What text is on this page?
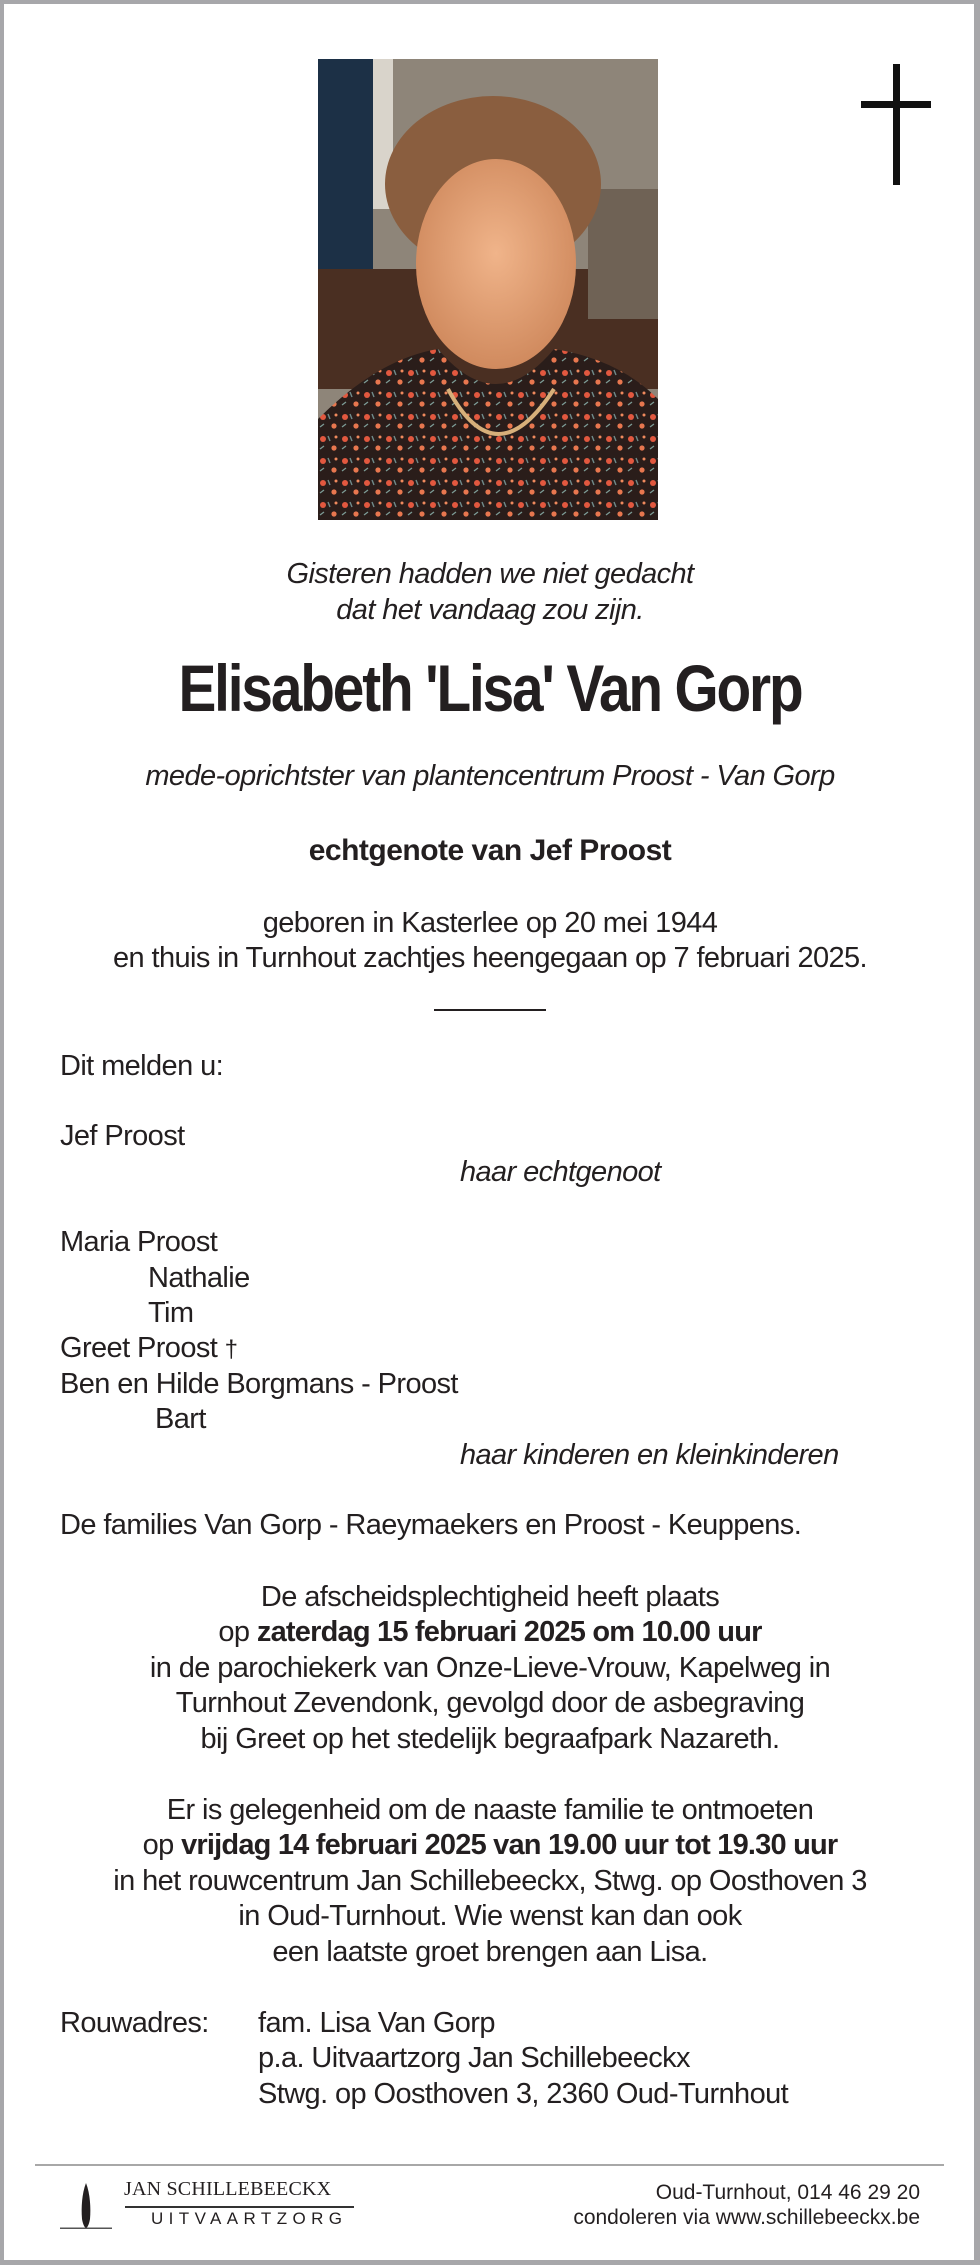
Gisteren hadden we niet gedacht
dat het vandaag zou zijn.
Elisabeth 'Lisa' Van Gorp
mede-oprichtster van plantencentrum Proost - Van Gorp
echtgenote van Jef Proost
geboren in Kasterlee op 20 mei 1944
en thuis in Turnhout zachtjes heengegaan op 7 februari 2025.
Dit melden u:
Jef Proost
haar echtgenoot
Maria Proost
Nathalie
Tim
Greet Proost †
Ben en Hilde Borgmans - Proost
Bart
haar kinderen en kleinkinderen
De families Van Gorp - Raeymaekers en Proost - Keuppens.
De afscheidsplechtigheid heeft plaats
op zaterdag 15 februari 2025 om 10.00 uur
in de parochiekerk van Onze-Lieve-Vrouw, Kapelweg in
Turnhout Zevendonk, gevolgd door de asbegraving
bij Greet op het stedelijk begraafpark Nazareth.
Er is gelegenheid om de naaste familie te ontmoeten
op vrijdag 14 februari 2025 van 19.00 uur tot 19.30 uur
in het rouwcentrum Jan Schillebeeckx, Stwg. op Oosthoven 3
in Oud-Turnhout. Wie wenst kan dan ook
een laatste groet brengen aan Lisa.
Rouwadres: fam. Lisa Van Gorp
p.a. Uitvaartzorg Jan Schillebeeckx
Stwg. op Oosthoven 3, 2360 Oud-Turnhout
JAN SCHILLEBEECKX
UITVAARTZORG
Oud-Turnhout, 014 46 29 20
condoleren via www.schillebeeckx.be
